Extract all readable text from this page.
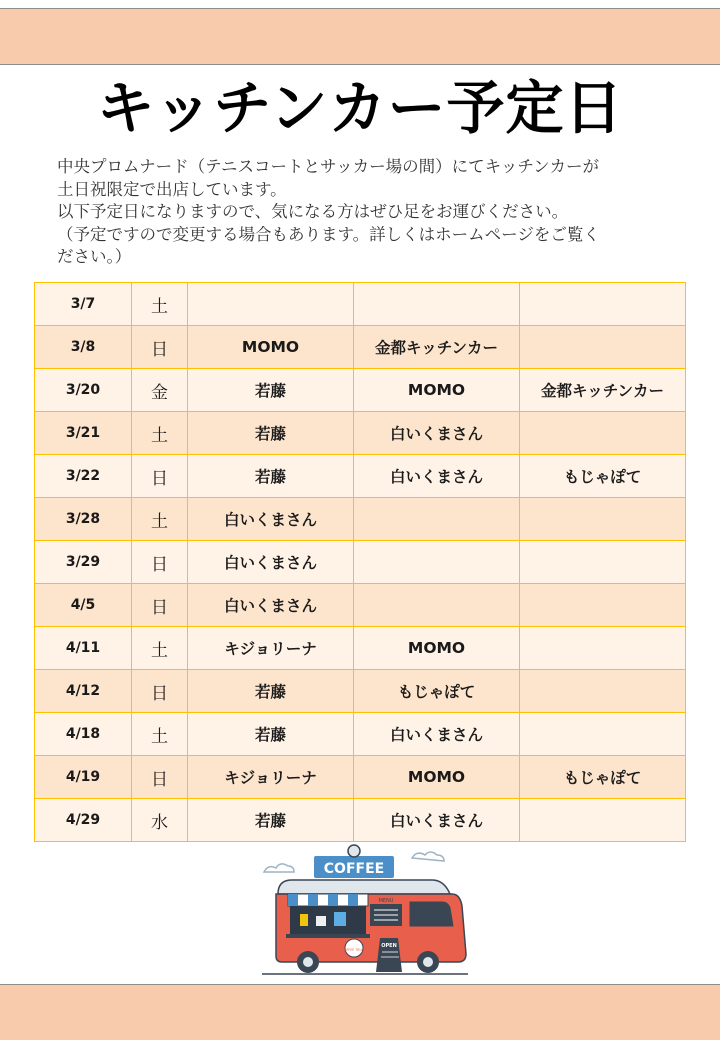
キッチンカー予定日

中央プロムナード（テニスコートとサッカー場の間）にてキッチンカーが

土日祝限定で出店しています。

以下予定日になりますので、気になる方はぜひ足をお運びください。

（予定ですので変更する場合もあります。詳しくはホームページをご覧く

ださい。）

3/7	土			
3/8	日	MOMO	金都キッチンカー	
3/20	金	若藤	MOMO	金都キッチンカー
3/21	土	若藤	白いくまさん	
3/22	日	若藤	白いくまさん	もじゃぽて
3/28	土	白いくまさん		
3/29	日	白いくまさん		
4/5	日	白いくまさん		
4/11	土	キジョリーナ	MOMO	
4/12	日	若藤	もじゃぽて	
4/18	土	若藤	白いくまさん	
4/19	日	キジョリーナ	MOMO	もじゃぽて
4/29	水	若藤	白いくまさん	
COFFEE
MENU
COFFEE TRUCK
OPEN
